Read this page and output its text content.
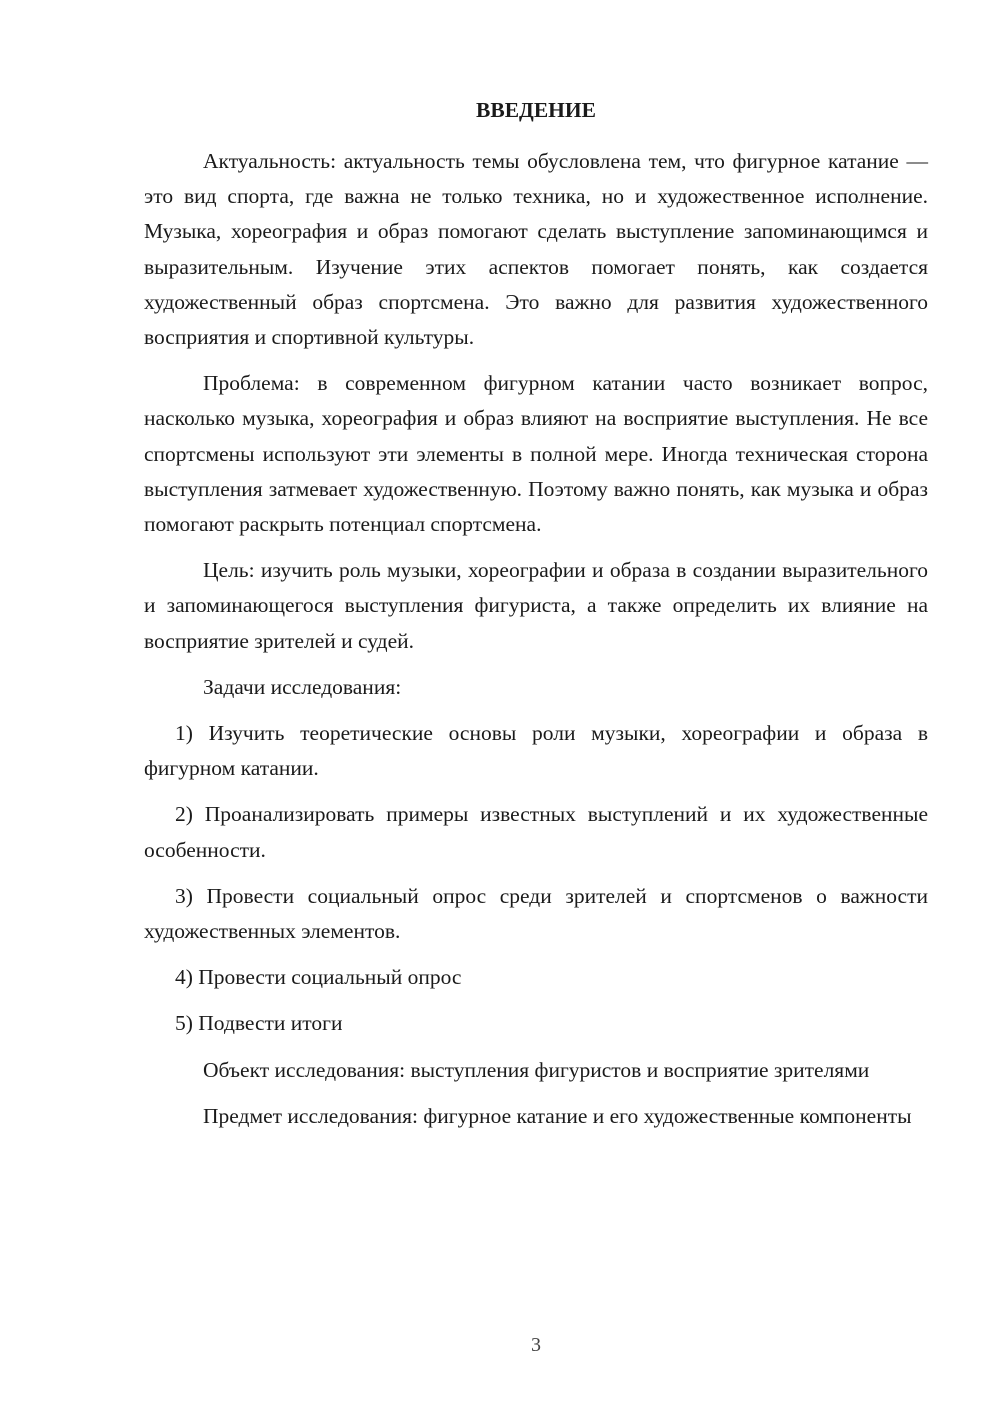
ВВЕДЕНИЕ

Актуальность: актуальность темы обусловлена тем, что фигурное катание — это вид спорта, где важна не только техника, но и художественное исполнение. Музыка, хореография и образ помогают сделать выступление запоминающимся и выразительным. Изучение этих аспектов помогает понять, как создается художественный образ спортсмена. Это важно для развития художественного восприятия и спортивной культуры.

Проблема: в современном фигурном катании часто возникает вопрос, насколько музыка, хореография и образ влияют на восприятие выступления. Не все спортсмены используют эти элементы в полной мере. Иногда техническая сторона выступления затмевает художественную. Поэтому важно понять, как музыка и образ помогают раскрыть потенциал спортсмена.

Цель: изучить роль музыки, хореографии и образа в создании выразительного и запоминающегося выступления фигуриста, а также определить их влияние на восприятие зрителей и судей.

Задачи исследования:

1) Изучить теоретические основы роли музыки, хореографии и образа в фигурном катании.

2) Проанализировать примеры известных выступлений и их художественные особенности.

3) Провести социальный опрос среди зрителей и спортсменов о важности художественных элементов.

4) Провести социальный опрос

5) Подвести итоги

Объект исследования: выступления фигуристов и восприятие зрителями

Предмет исследования: фигурное катание и его художественные компоненты

3
